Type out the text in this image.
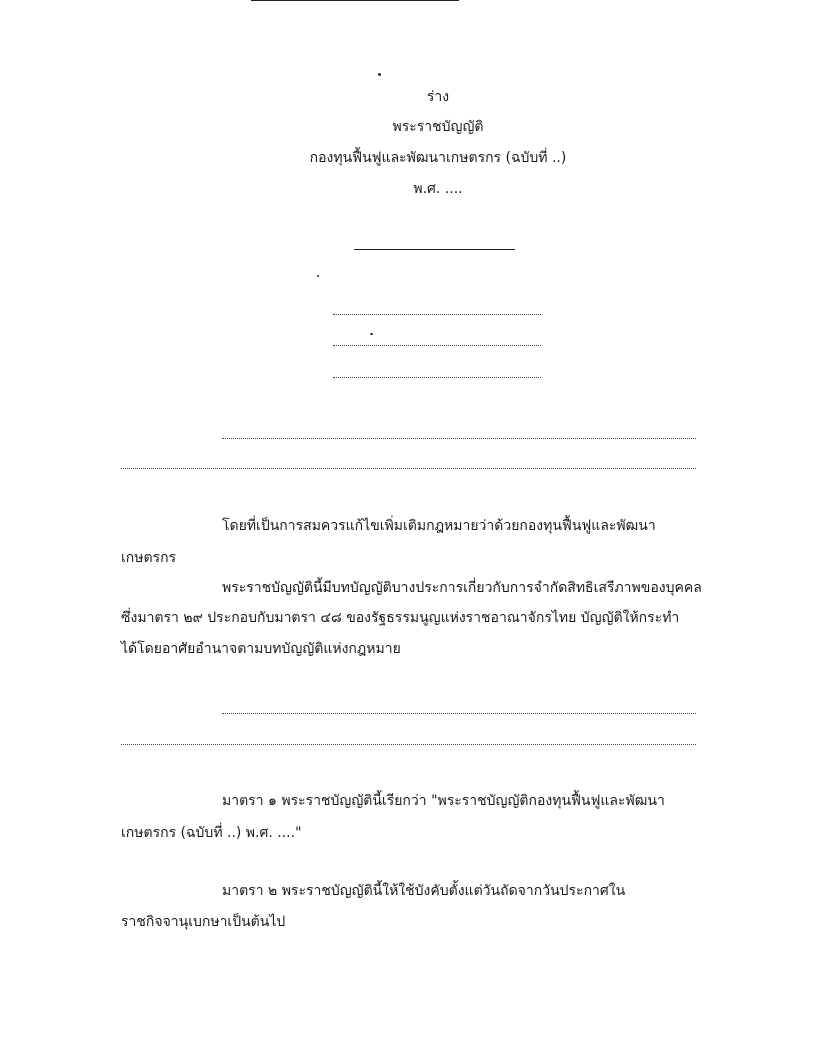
ร่าง
พระราชบัญญัติ
กองทุนฟื้นฟูและพัฒนาเกษตรกร (ฉบับที่ ..)
พ.ศ. ....
โดยที่เป็นการสมควรแก้ไขเพิ่มเติมกฎหมายว่าด้วยกองทุนฟื้นฟูและพัฒนา
เกษตรกร
พระราชบัญญัตินี้มีบทบัญญัติบางประการเกี่ยวกับการจำกัดสิทธิเสรีภาพของบุคคล
ซึ่งมาตรา ๒๙ ประกอบกับมาตรา ๔๘ ของรัฐธรรมนูญแห่งราชอาณาจักรไทย บัญญัติให้กระทำ
ได้โดยอาศัยอำนาจตามบทบัญญัติแห่งกฎหมาย
มาตรา ๑ พระราชบัญญัตินี้เรียกว่า "พระราชบัญญัติกองทุนฟื้นฟูและพัฒนา
เกษตรกร (ฉบับที่ ..) พ.ศ. ...."
มาตรา ๒ พระราชบัญญัตินี้ให้ใช้บังคับตั้งแต่วันถัดจากวันประกาศใน
ราชกิจจานุเบกษาเป็นต้นไป
